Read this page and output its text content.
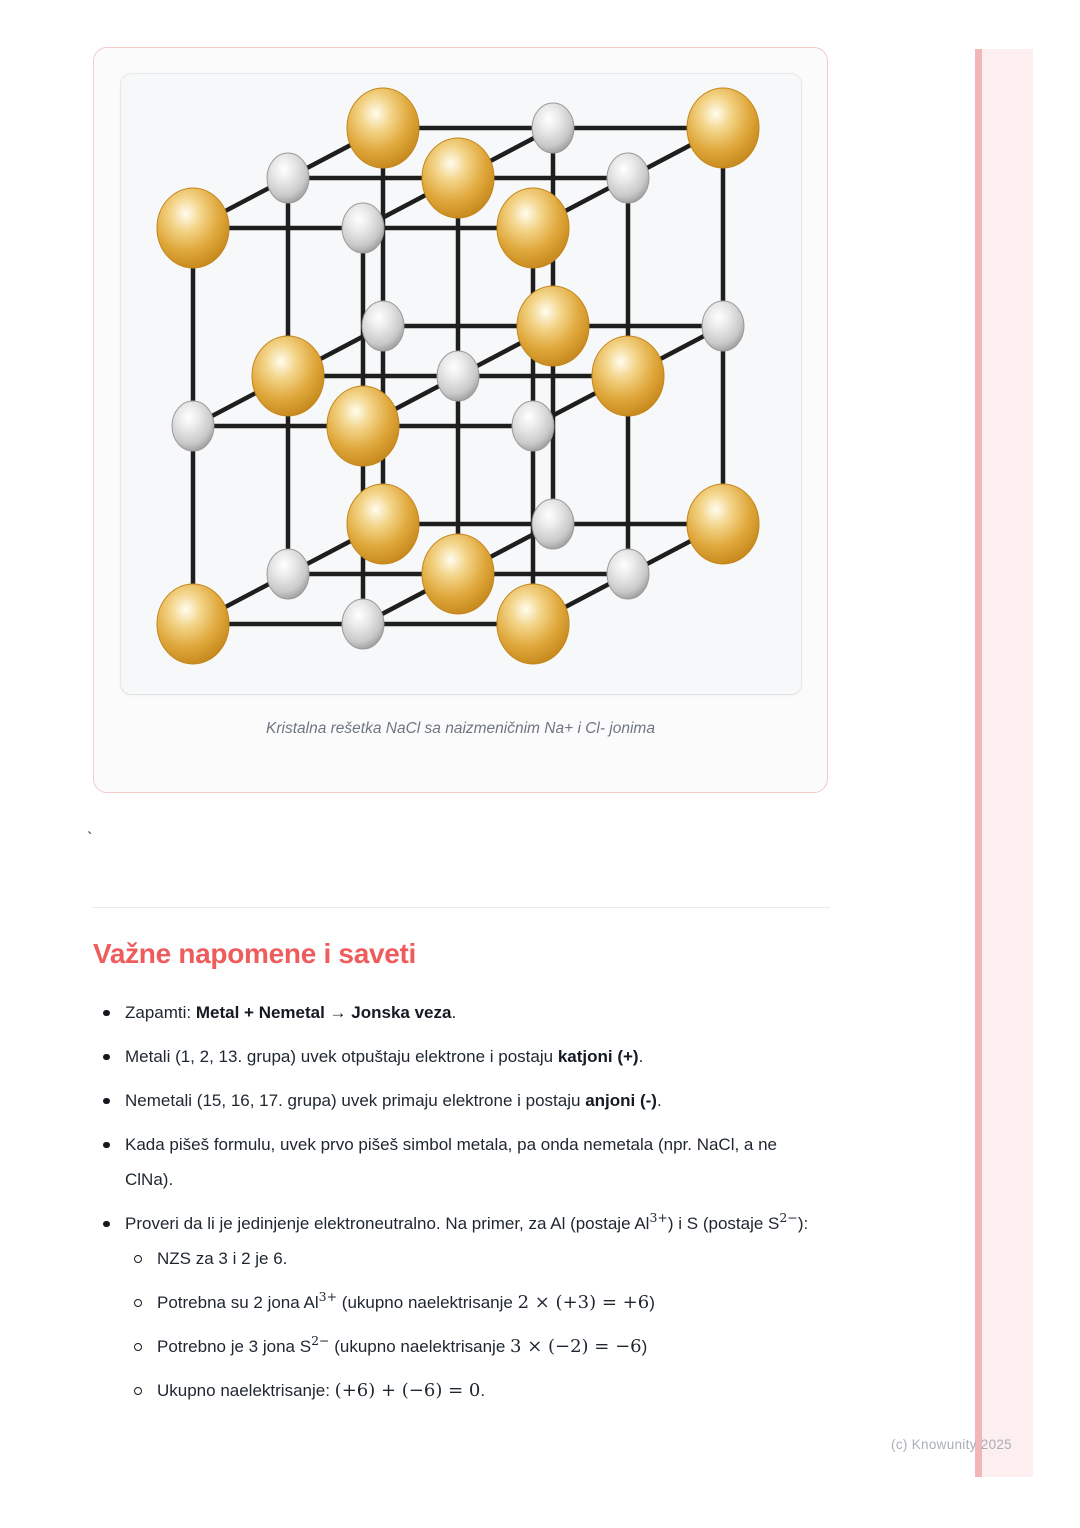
Kristalna rešetka NaCl sa naizmeničnim Na+ i Cl- jonima
`
Važne napomene i saveti
Zapamti: Metal + Nemetal → Jonska veza.
Metali (1, 2, 13. grupa) uvek otpuštaju elektrone i postaju katjoni (+).
Nemetali (15, 16, 17. grupa) uvek primaju elektrone i postaju anjoni (-).
Kada pišeš formulu, uvek prvo pišeš simbol metala, pa onda nemetala (npr. NaCl, a ne ClNa).
Proveri da li je jedinjenje elektroneutralno. Na primer, za Al (postaje $Al^{3+}$) i S (postaje $S^{2-}$):
NZS za 3 i 2 je 6.
Potrebna su 2 jona $Al^{3+}$ (ukupno naelektrisanje 2 × (+3) = +6)
Potrebno je 3 jona $S^{2-}$ (ukupno naelektrisanje 3 × (−2) = −6)
Ukupno naelektrisanje: (+6) + (−6) = 0.
(c) Knowunity 2025
